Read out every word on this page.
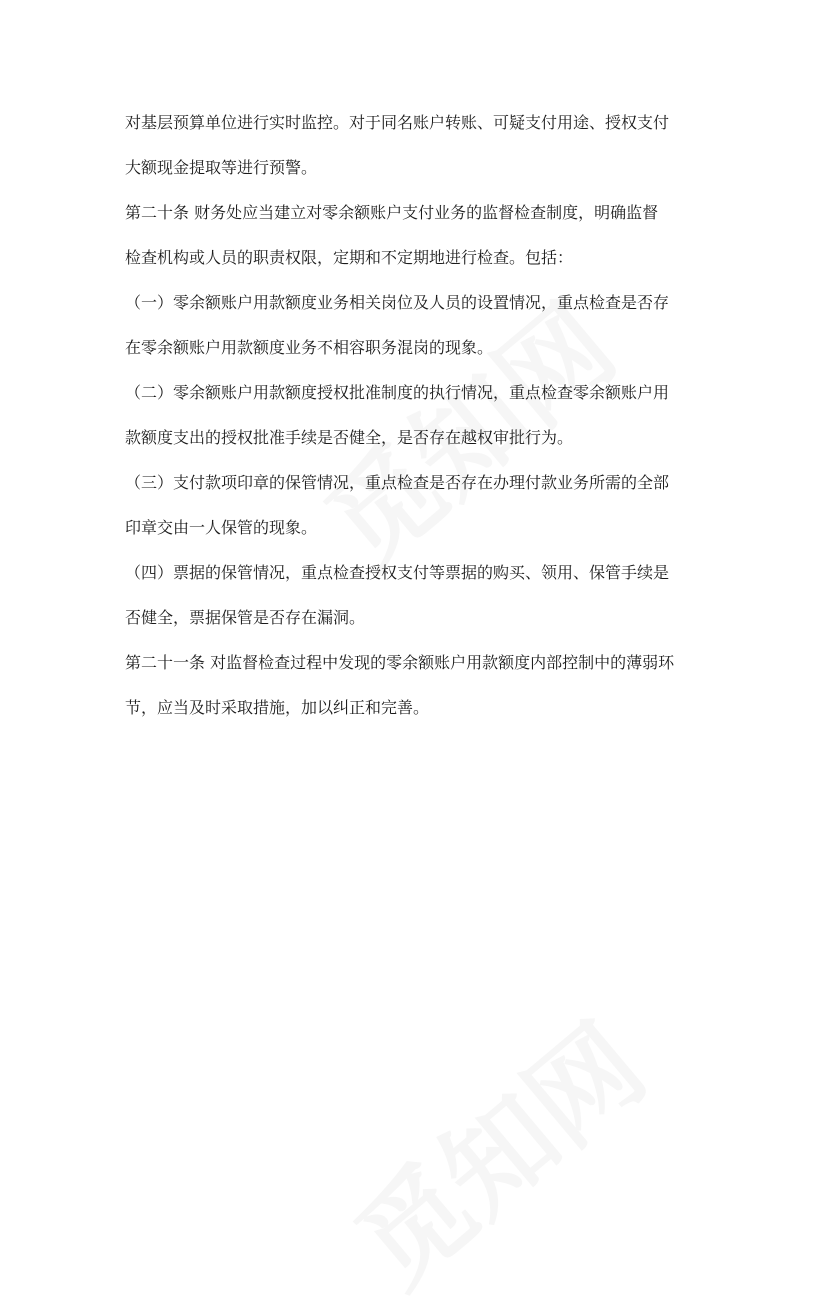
对基层预算单位进行实时监控。对于同名账户转账、可疑支付用途、授权支付
大额现金提取等进行预警。
第二十条 财务处应当建立对零余额账户支付业务的监督检查制度，明确监督
检查机构或人员的职责权限，定期和不定期地进行检查。包括：
（一）零余额账户用款额度业务相关岗位及人员的设置情况，重点检查是否存
在零余额账户用款额度业务不相容职务混岗的现象。
（二）零余额账户用款额度授权批准制度的执行情况，重点检查零余额账户用
款额度支出的授权批准手续是否健全，是否存在越权审批行为。
（三）支付款项印章的保管情况，重点检查是否存在办理付款业务所需的全部
印章交由一人保管的现象。
（四）票据的保管情况，重点检查授权支付等票据的购买、领用、保管手续是
否健全，票据保管是否存在漏洞。
第二十一条 对监督检查过程中发现的零余额账户用款额度内部控制中的薄弱环
节，应当及时采取措施，加以纠正和完善。
